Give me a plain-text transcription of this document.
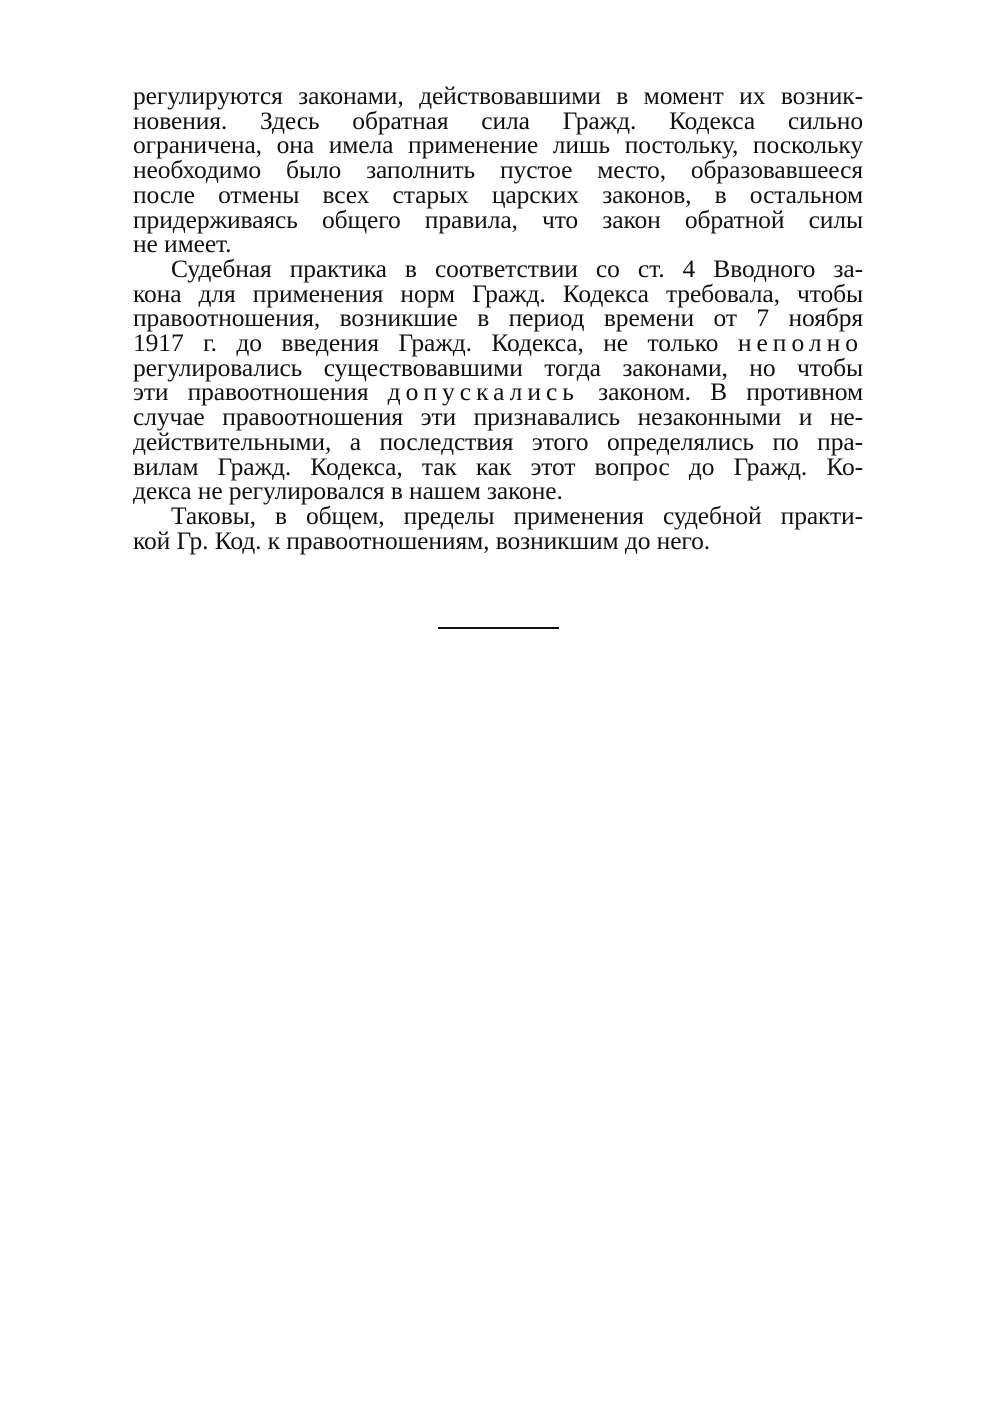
регулируются законами, действовавшими в момент их возник-
новения. Здесь обратная сила Гражд. Кодекса сильно
ограничена, она имела применение лишь постольку, поскольку
необходимо было заполнить пустое место, образовавшееся
после отмены всех старых царских законов, в остальном
придерживаясь общего правила, что закон обратной силы
не имеет.
Судебная практика в соответствии со ст. 4 Вводного за-
кона для применения норм Гражд. Кодекса требовала, чтобы
правоотношения, возникшие в период времени от 7 ноября
1917 г. до введения Гражд. Кодекса, не только неполно
регулировались существовавшими тогда законами, но чтобы
эти правоотношения допускались законом. В противном
случае правоотношения эти признавались незаконными и не-
действительными, а последствия этого определялись по пра-
вилам Гражд. Кодекса, так как этот вопрос до Гражд. Ко-
декса не регулировался в нашем законе.
Таковы, в общем, пределы применения судебной практи-
кой Гр. Код. к правоотношениям, возникшим до него.
